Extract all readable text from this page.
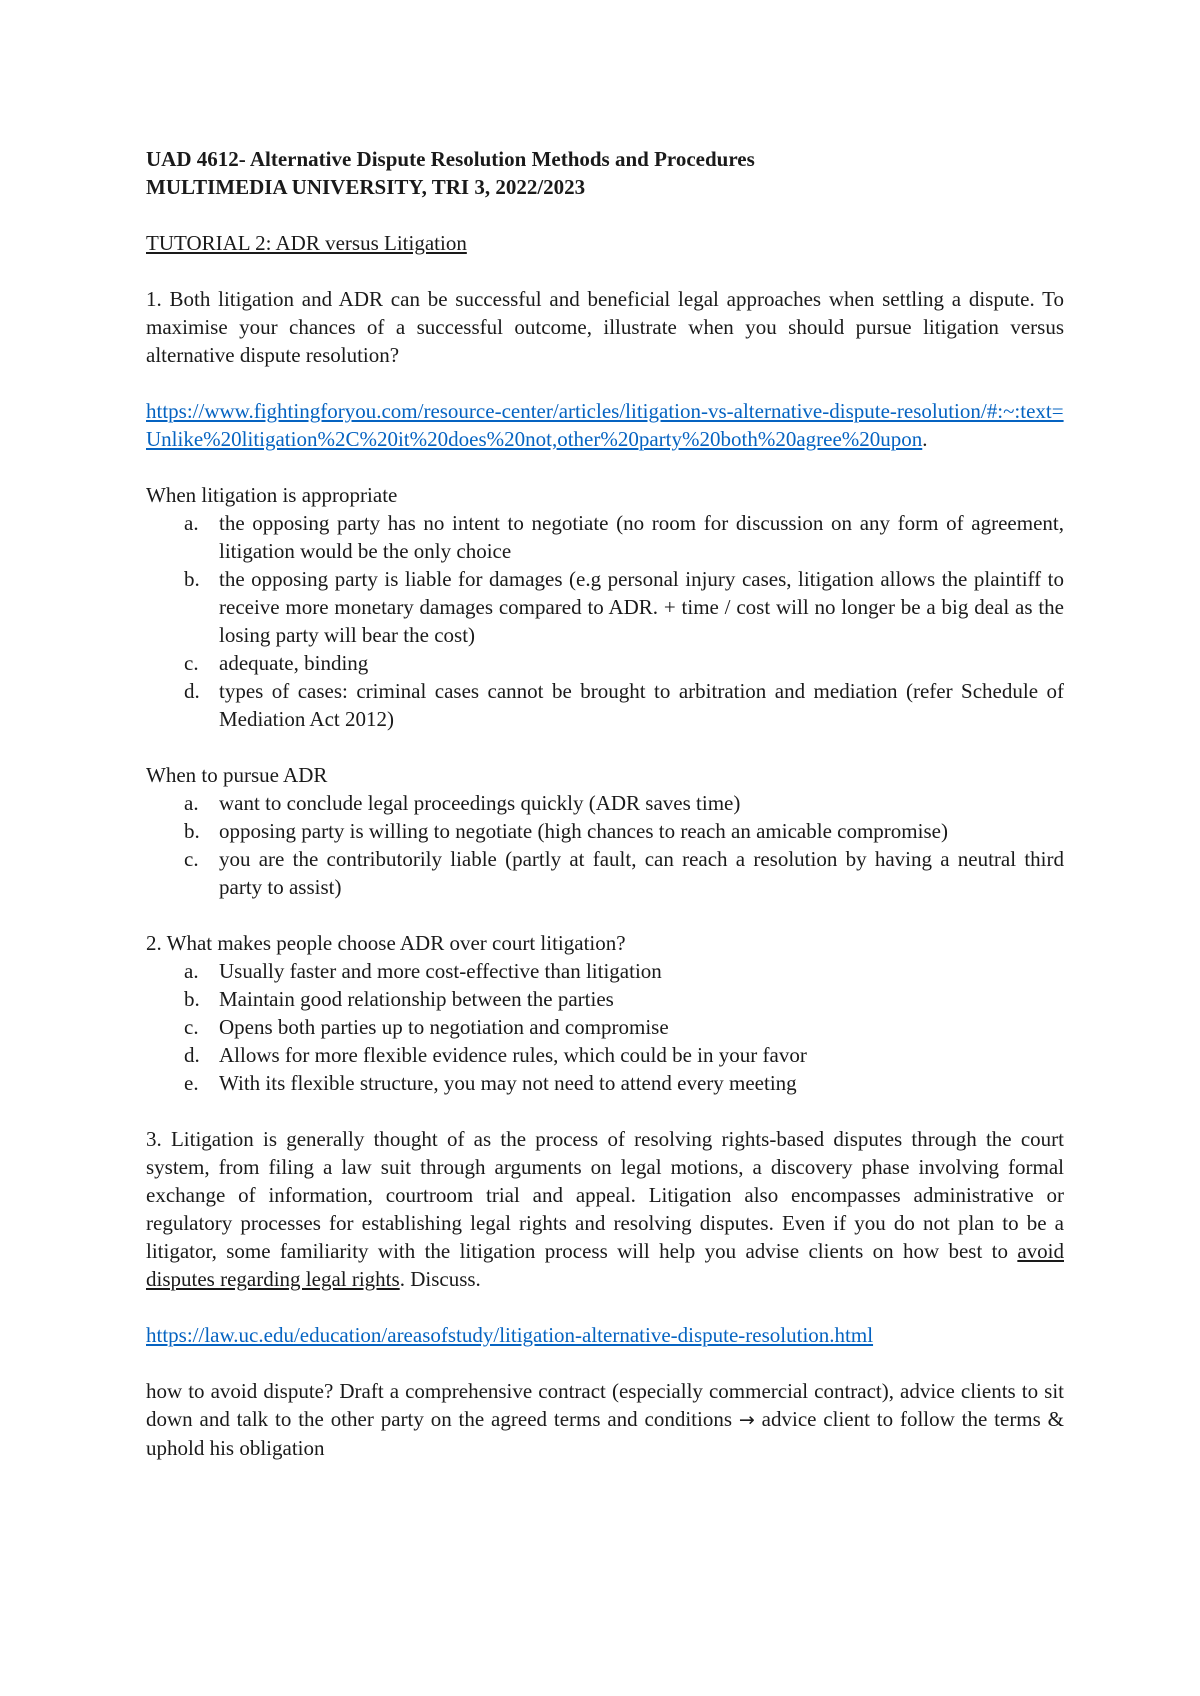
UAD 4612- Alternative Dispute Resolution Methods and Procedures

MULTIMEDIA UNIVERSITY, TRI 3, 2022/2023

TUTORIAL 2: ADR versus Litigation

1. Both litigation and ADR can be successful and beneficial legal approaches when settling a dispute. To maximise your chances of a successful outcome, illustrate when you should pursue litigation versus alternative dispute resolution?

https://www.fightingforyou.com/resource-center/articles/litigation-vs-alternative-dispute-resolution/#:~:text=Unlike%20litigation%2C%20it%20does%20not,other%20party%20both%20agree%20upon.

When litigation is appropriate

a. the opposing party has no intent to negotiate (no room for discussion on any form of agreement, litigation would be the only choice
b. the opposing party is liable for damages (e.g personal injury cases, litigation allows the plaintiff to receive more monetary damages compared to ADR. + time / cost will no longer be a big deal as the losing party will bear the cost)
c. adequate, binding
d. types of cases: criminal cases cannot be brought to arbitration and mediation (refer Schedule of Mediation Act 2012)

When to pursue ADR

a. want to conclude legal proceedings quickly (ADR saves time)
b. opposing party is willing to negotiate (high chances to reach an amicable compromise)
c. you are the contributorily liable (partly at fault, can reach a resolution by having a neutral third party to assist)

2. What makes people choose ADR over court litigation?

a. Usually faster and more cost-effective than litigation
b. Maintain good relationship between the parties
c. Opens both parties up to negotiation and compromise
d. Allows for more flexible evidence rules, which could be in your favor
e. With its flexible structure, you may not need to attend every meeting

3. Litigation is generally thought of as the process of resolving rights-based disputes through the court system, from filing a law suit through arguments on legal motions, a discovery phase involving formal exchange of information, courtroom trial and appeal. Litigation also encompasses administrative or regulatory processes for establishing legal rights and resolving disputes. Even if you do not plan to be a litigator, some familiarity with the litigation process will help you advise clients on how best to avoid disputes regarding legal rights. Discuss.

https://law.uc.edu/education/areasofstudy/litigation-alternative-dispute-resolution.html

how to avoid dispute? Draft a comprehensive contract (especially commercial contract), advice clients to sit down and talk to the other party on the agreed terms and conditions → advice client to follow the terms & uphold his obligation
